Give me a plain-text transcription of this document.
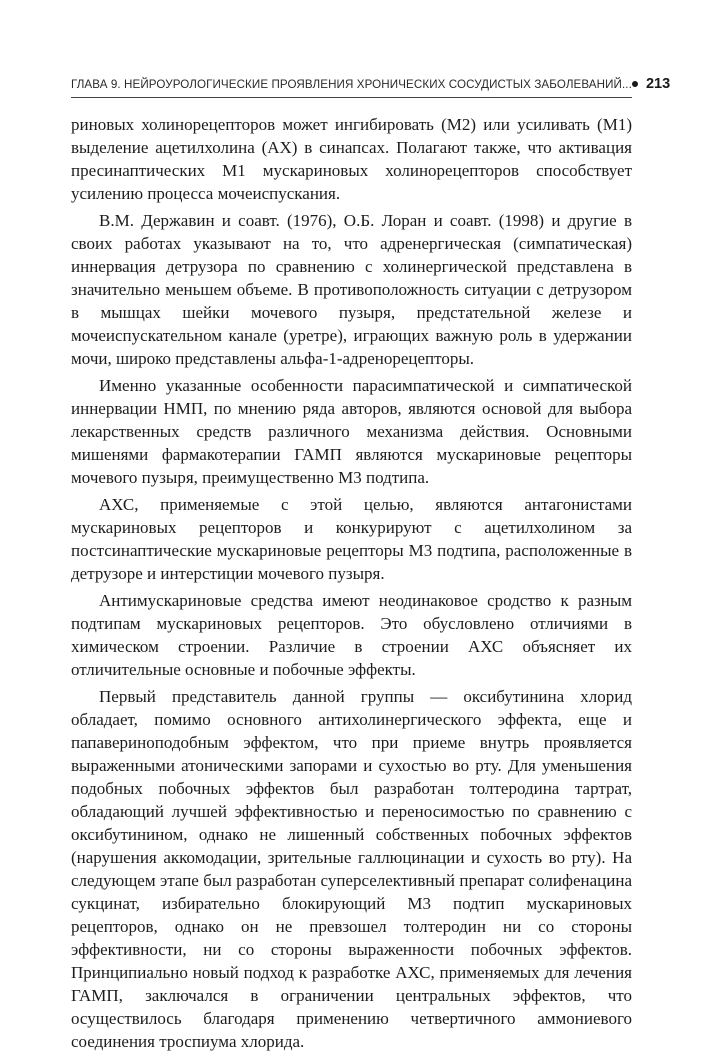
ГЛАВА 9. НЕЙРОУРОЛОГИЧЕСКИЕ ПРОЯВЛЕНИЯ ХРОНИЧЕСКИХ СОСУДИСТЫХ ЗАБОЛЕВАНИЙ... 213

риновых холинорецепторов может ингибировать (М2) или усиливать (М1) выделение ацетилхолина (АХ) в синапсах. Полагают также, что активация пресинаптических М1 мускариновых холинорецепторов способствует усилению процесса мочеиспускания.

В.М. Державин и соавт. (1976), О.Б. Лоран и соавт. (1998) и другие в своих работах указывают на то, что адренергическая (симпатическая) иннервация детрузора по сравнению с холинергической представлена в значительно меньшем объеме. В противоположность ситуации с детрузором в мышцах шейки мочевого пузыря, предстательной железе и мочеиспускательном канале (уретре), играющих важную роль в удержании мочи, широко представлены альфа-1-адренорецепторы.

Именно указанные особенности парасимпатической и симпатической иннервации НМП, по мнению ряда авторов, являются основой для выбора лекарственных средств различного механизма действия. Основными мишенями фармакотерапии ГАМП являются мускариновые рецепторы мочевого пузыря, преимущественно М3 подтипа.

АХС, применяемые с этой целью, являются антагонистами мускариновых рецепторов и конкурируют с ацетилхолином за постсинаптические мускариновые рецепторы М3 подтипа, расположенные в детрузоре и интерстиции мочевого пузыря.

Антимускариновые средства имеют неодинаковое сродство к разным подтипам мускариновых рецепторов. Это обусловлено отличиями в химическом строении. Различие в строении АХС объясняет их отличительные основные и побочные эффекты.

Первый представитель данной группы — оксибутинина хлорид обладает, помимо основного антихолинергического эффекта, еще и папавериноподобным эффектом, что при приеме внутрь проявляется выраженными атоническими запорами и сухостью во рту. Для уменьшения подобных побочных эффектов был разработан толтеродина тартрат, обладающий лучшей эффективностью и переносимостью по сравнению с оксибутинином, однако не лишенный собственных побочных эффектов (нарушения аккомодации, зрительные галлюцинации и сухость во рту). На следующем этапе был разработан суперселективный препарат солифенацина сукцинат, избирательно блокирующий М3 подтип мускариновых рецепторов, однако он не превзошел толтеродин ни со стороны эффективности, ни со стороны выраженности побочных эффектов. Принципиально новый подход к разработке АХС, применяемых для лечения ГАМП, заключался в ограничении центральных эффектов, что осуществилось благодаря применению четвертичного аммониевого соединения троспиума хлорида.
